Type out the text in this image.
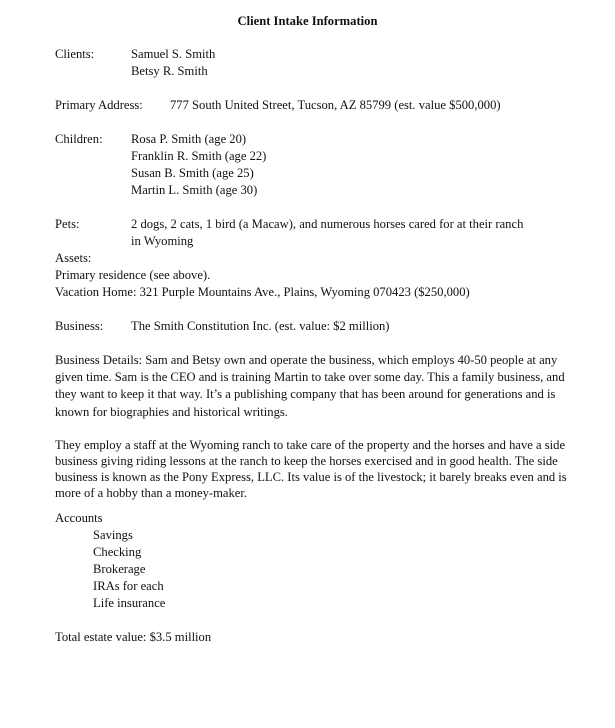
Client Intake Information
Clients:	Samuel S. Smith
Betsy R. Smith
Primary Address: 777 South United Street, Tucson, AZ 85799 (est. value $500,000)
Children: Rosa P. Smith (age 20)
Franklin R. Smith (age 22)
Susan B. Smith (age 25)
Martin L. Smith (age 30)
Pets:	2 dogs, 2 cats, 1 bird (a Macaw), and numerous horses cared for at their ranch
in Wyoming
Assets:
Primary residence (see above).
Vacation Home: 321 Purple Mountains Ave., Plains, Wyoming 070423 ($250,000)
Business: The Smith Constitution Inc. (est. value: $2 million)
Business Details: Sam and Betsy own and operate the business, which employs 40-50 people at any given time. Sam is the CEO and is training Martin to take over some day. This a family business, and they want to keep it that way. It’s a publishing company that has been around for generations and is known for biographies and historical writings.
They employ a staff at the Wyoming ranch to take care of the property and the horses and have a side business giving riding lessons at the ranch to keep the horses exercised and in good health. The side business is known as the Pony Express, LLC. Its value is of the livestock; it barely breaks even and is more of a hobby than a money-maker.
Accounts
Savings
Checking
Brokerage
IRAs for each
Life insurance
Total estate value: $3.5 million
